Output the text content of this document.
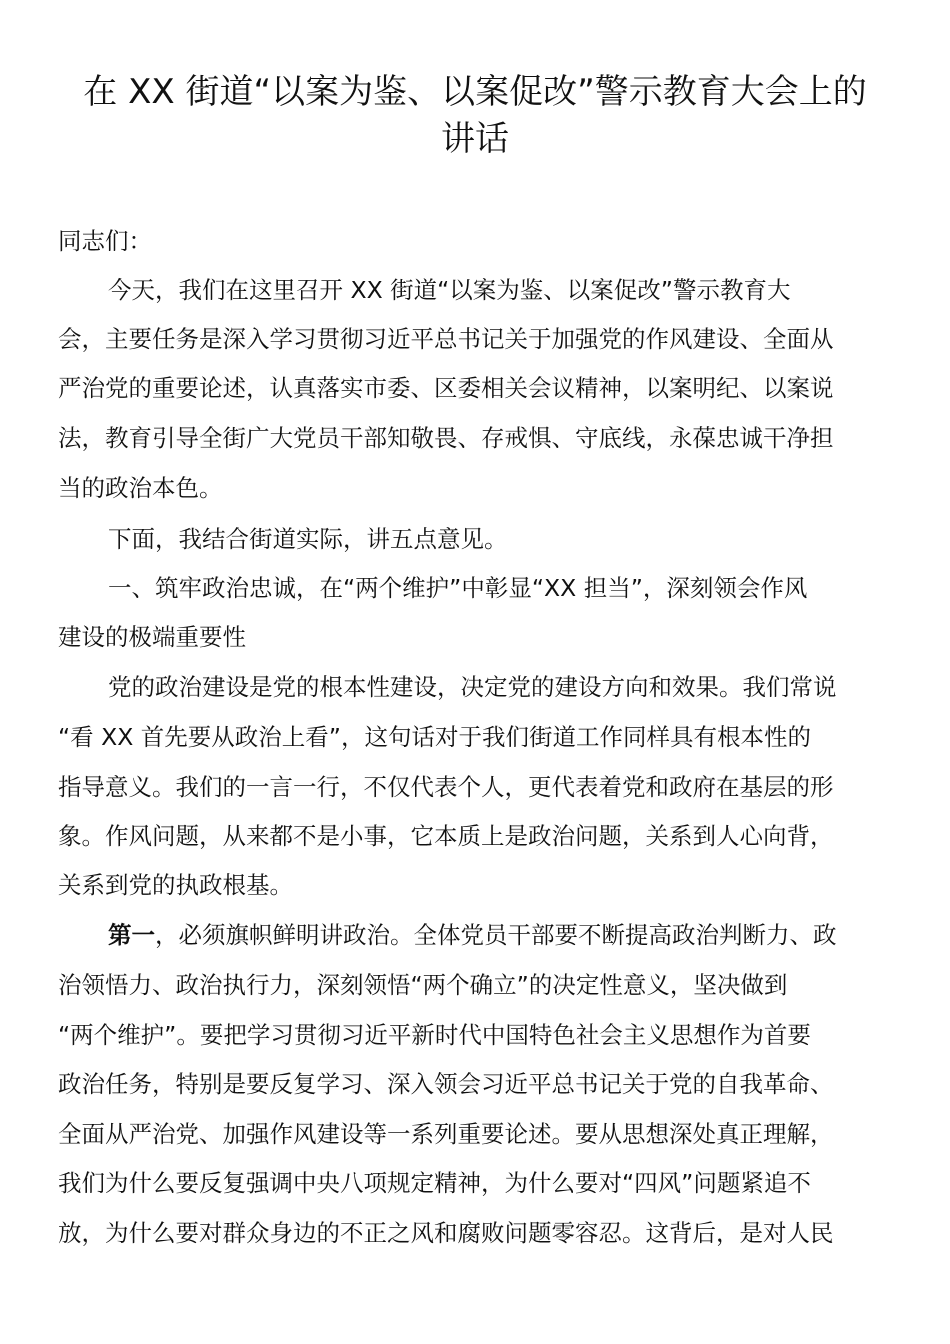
在 XX 街道“以案为鉴、以案促改”警示教育大会上的
讲话
同志们：
今天，我们在这里召开 XX 街道“以案为鉴、以案促改”警示教育大
会，主要任务是深入学习贯彻习近平总书记关于加强党的作风建设、全面从
严治党的重要论述，认真落实市委、区委相关会议精神，以案明纪、以案说
法，教育引导全街广大党员干部知敬畏、存戒惧、守底线，永葆忠诚干净担
当的政治本色。
下面，我结合街道实际，讲五点意见。
一、筑牢政治忠诚，在“两个维护”中彰显“XX 担当”，深刻领会作风
建设的极端重要性
党的政治建设是党的根本性建设，决定党的建设方向和效果。我们常说
“看 XX 首先要从政治上看”，这句话对于我们街道工作同样具有根本性的
指导意义。我们的一言一行，不仅代表个人，更代表着党和政府在基层的形
象。作风问题，从来都不是小事，它本质上是政治问题，关系到人心向背，
关系到党的执政根基。
第一，必须旗帜鲜明讲政治。全体党员干部要不断提高政治判断力、政
治领悟力、政治执行力，深刻领悟“两个确立”的决定性意义，坚决做到
“两个维护”。要把学习贯彻习近平新时代中国特色社会主义思想作为首要
政治任务，特别是要反复学习、深入领会习近平总书记关于党的自我革命、
全面从严治党、加强作风建设等一系列重要论述。要从思想深处真正理解，
我们为什么要反复强调中央八项规定精神，为什么要对“四风”问题紧追不
放，为什么要对群众身边的不正之风和腐败问题零容忍。这背后，是对人民
